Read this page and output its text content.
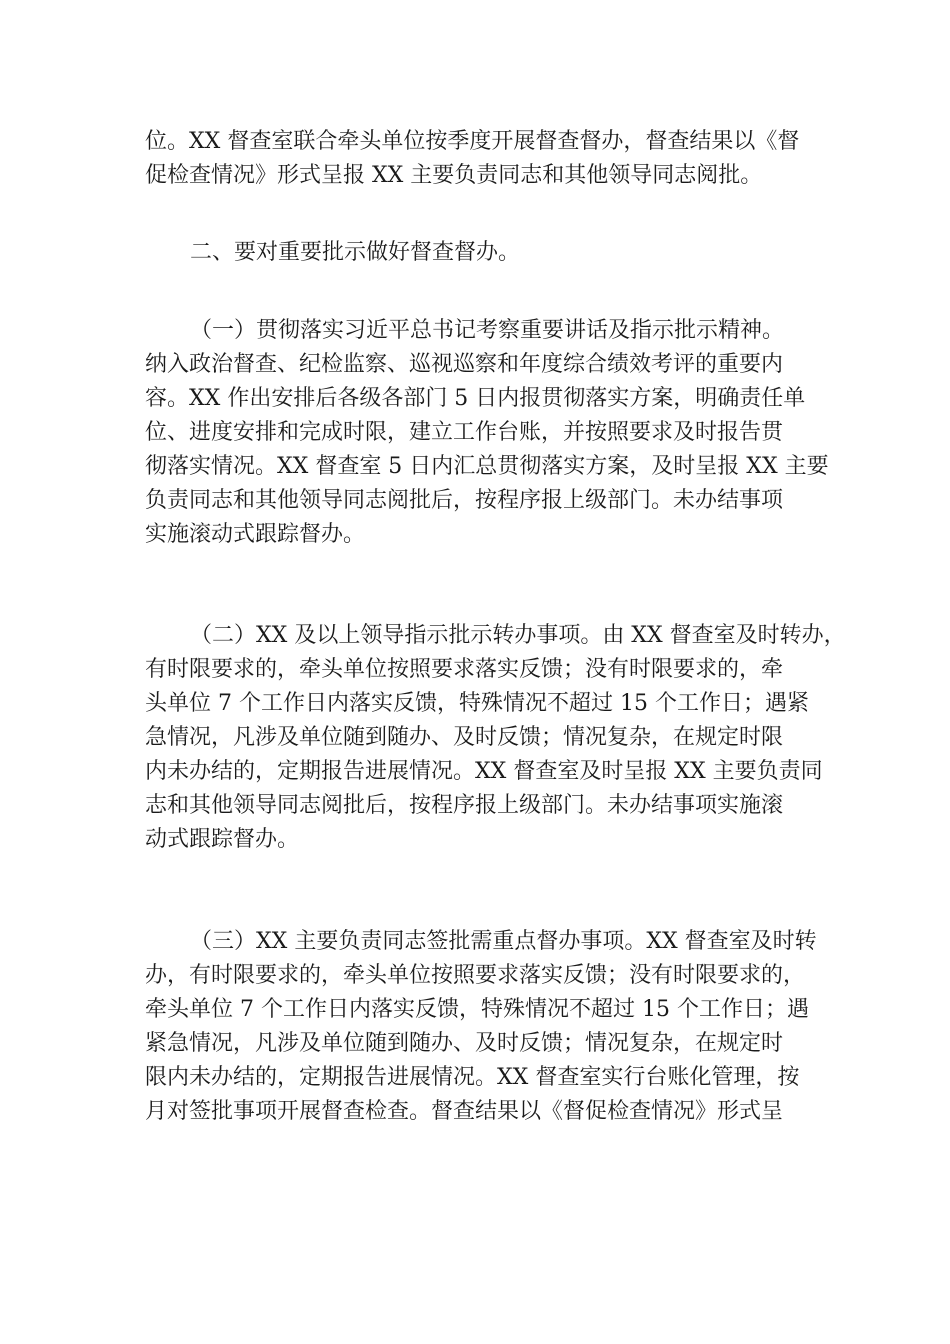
位。XX 督查室联合牵头单位按季度开展督查督办，督查结果以《督
促检查情况》形式呈报 XX 主要负责同志和其他领导同志阅批。
二、要对重要批示做好督查督办。
（一）贯彻落实习近平总书记考察重要讲话及指示批示精神。
纳入政治督查、纪检监察、巡视巡察和年度综合绩效考评的重要内
容。XX 作出安排后各级各部门 5 日内报贯彻落实方案，明确责任单
位、进度安排和完成时限，建立工作台账，并按照要求及时报告贯
彻落实情况。XX 督查室 5 日内汇总贯彻落实方案，及时呈报 XX 主要
负责同志和其他领导同志阅批后，按程序报上级部门。未办结事项
实施滚动式跟踪督办。
（二）XX 及以上领导指示批示转办事项。由 XX 督查室及时转办，
有时限要求的，牵头单位按照要求落实反馈；没有时限要求的，牵
头单位 7 个工作日内落实反馈，特殊情况不超过 15 个工作日；遇紧
急情况，凡涉及单位随到随办、及时反馈；情况复杂，在规定时限
内未办结的，定期报告进展情况。XX 督查室及时呈报 XX 主要负责同
志和其他领导同志阅批后，按程序报上级部门。未办结事项实施滚
动式跟踪督办。
（三）XX 主要负责同志签批需重点督办事项。XX 督查室及时转
办，有时限要求的，牵头单位按照要求落实反馈；没有时限要求的，
牵头单位 7 个工作日内落实反馈，特殊情况不超过 15 个工作日；遇
紧急情况，凡涉及单位随到随办、及时反馈；情况复杂，在规定时
限内未办结的，定期报告进展情况。XX 督查室实行台账化管理，按
月对签批事项开展督查检查。督查结果以《督促检查情况》形式呈
